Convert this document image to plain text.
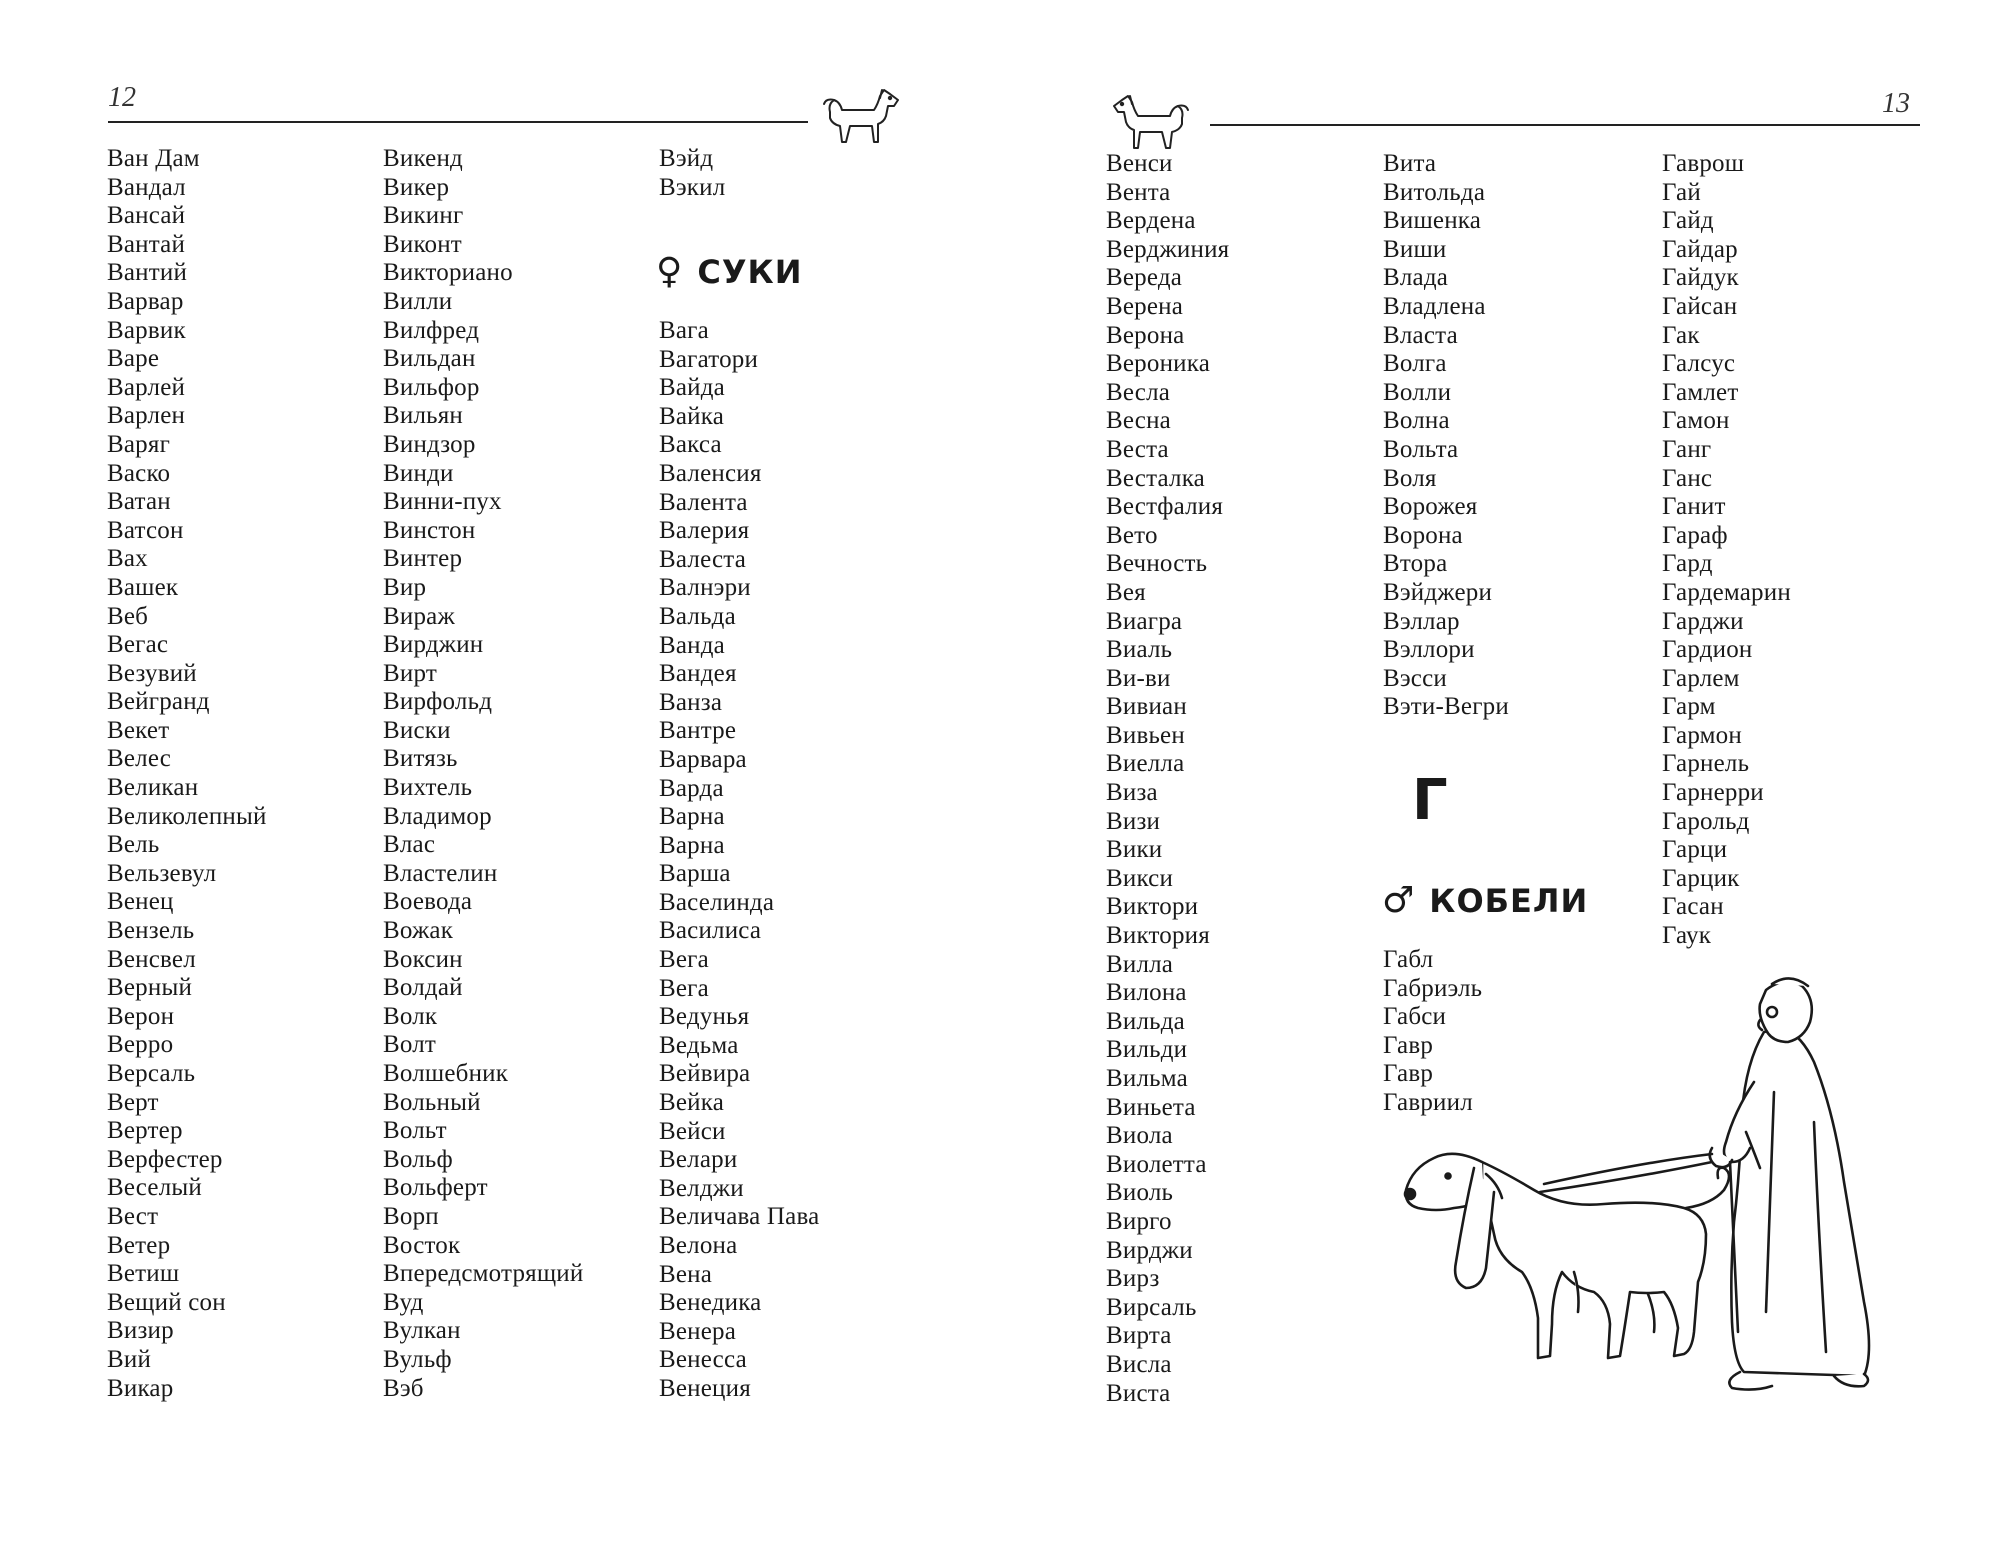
12
Ван Дам
Вандал
Вансай
Вантай
Вантий
Варвар
Варвик
Варе
Варлей
Варлен
Варяг
Васко
Ватан
Ватсон
Вах
Вашек
Веб
Вегас
Везувий
Вейгранд
Векет
Велес
Великан
Великолепный
Вель
Вельзевул
Венец
Вензель
Венсвел
Верный
Верон
Верро
Версаль
Верт
Вертер
Верфестер
Веселый
Вест
Ветер
Ветиш
Вещий сон
Визир
Вий
Викар
Викенд
Викер
Викинг
Виконт
Викториано
Вилли
Вилфред
Вильдан
Вильфор
Вильян
Виндзор
Винди
Винни-пух
Винстон
Винтер
Вир
Вираж
Вирджин
Вирт
Вирфольд
Виски
Витязь
Вихтель
Владимор
Влас
Властелин
Воевода
Вожак
Воксин
Волдай
Волк
Волт
Волшебник
Вольный
Вольт
Вольф
Вольферт
Ворп
Восток
Впередсмотрящий
Вуд
Вулкан
Вульф
Вэб
Вэйд
Вэкил
♀ СУКИ
Вага
Вагатори
Вайда
Вайка
Вакса
Валенсия
Валента
Валерия
Валеста
Валнэри
Вальда
Ванда
Вандея
Ванза
Вантре
Варвара
Варда
Варна
Варна
Варша
Васелинда
Василиса
Вега
Вега
Ведунья
Ведьма
Вейвира
Вейка
Вейси
Велари
Велджи
Величава Пава
Велона
Вена
Венедика
Венера
Венесса
Венеция
13
Венси
Вента
Вердена
Верджиния
Вереда
Верена
Верона
Вероника
Весла
Весна
Веста
Весталка
Вестфалия
Вето
Вечность
Вея
Виагра
Виаль
Ви-ви
Вивиан
Вивьен
Виелла
Виза
Визи
Вики
Викси
Виктори
Виктория
Вилла
Вилона
Вильда
Вильди
Вильма
Виньета
Виола
Виолетта
Виоль
Вирго
Вирджи
Вирз
Вирсаль
Вирта
Висла
Виста
Вита
Витольда
Вишенка
Виши
Влада
Владлена
Власта
Волга
Волли
Волна
Вольта
Воля
Ворожея
Ворона
Втора
Вэйджери
Вэллар
Вэллори
Вэсси
Вэти-Вегри
Г
♂ КОБЕЛИ
Габл
Габриэль
Габси
Гавр
Гавр
Гавриил
Гаврош
Гай
Гайд
Гайдар
Гайдук
Гайсан
Гак
Галсус
Гамлет
Гамон
Ганг
Ганс
Ганит
Гараф
Гард
Гардемарин
Гарджи
Гардион
Гарлем
Гарм
Гармон
Гарнель
Гарнерри
Гарольд
Гарци
Гарцик
Гасан
Гаук
